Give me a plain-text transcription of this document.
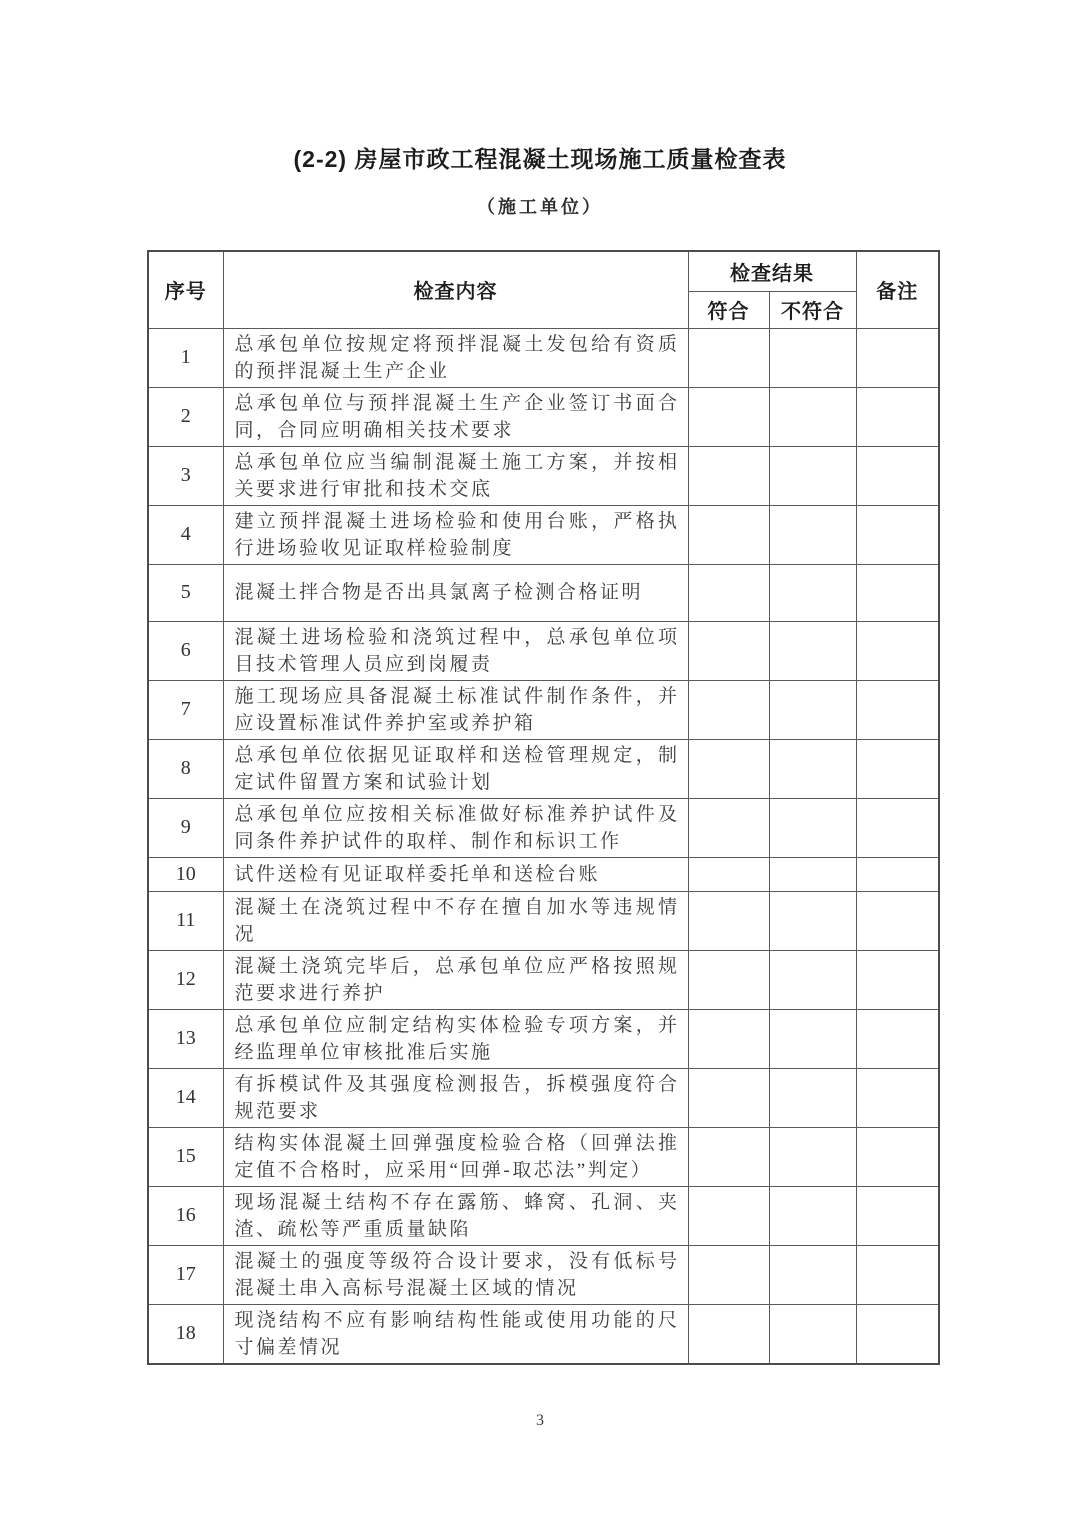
(2-2) 房屋市政工程混凝土现场施工质量检查表
（施工单位）
序号	检查内容	检查结果		备注
		符合	不符合	
1	总承包单位按规定将预拌混凝土发包给有资质的预拌混凝土生产企业			
2	总承包单位与预拌混凝土生产企业签订书面合同，合同应明确相关技术要求			
3	总承包单位应当编制混凝土施工方案，并按相关要求进行审批和技术交底			
4	建立预拌混凝土进场检验和使用台账，严格执行进场验收见证取样检验制度			
5	混凝土拌合物是否出具氯离子检测合格证明			
6	混凝土进场检验和浇筑过程中，总承包单位项目技术管理人员应到岗履责			
7	施工现场应具备混凝土标准试件制作条件，并应设置标准试件养护室或养护箱			
8	总承包单位依据见证取样和送检管理规定，制定试件留置方案和试验计划			
9	总承包单位应按相关标准做好标准养护试件及同条件养护试件的取样、制作和标识工作			
10	试件送检有见证取样委托单和送检台账			
11	混凝土在浇筑过程中不存在擅自加水等违规情况			
12	混凝土浇筑完毕后，总承包单位应严格按照规范要求进行养护			
13	总承包单位应制定结构实体检验专项方案，并经监理单位审核批准后实施			
14	有拆模试件及其强度检测报告，拆模强度符合规范要求			
15	结构实体混凝土回弹强度检验合格（回弹法推定值不合格时，应采用“回弹-取芯法”判定）			
16	现场混凝土结构不存在露筋、蜂窝、孔洞、夹渣、疏松等严重质量缺陷			
17	混凝土的强度等级符合设计要求，没有低标号混凝土串入高标号混凝土区域的情况			
18	现浇结构不应有影响结构性能或使用功能的尺寸偏差情况			
3
